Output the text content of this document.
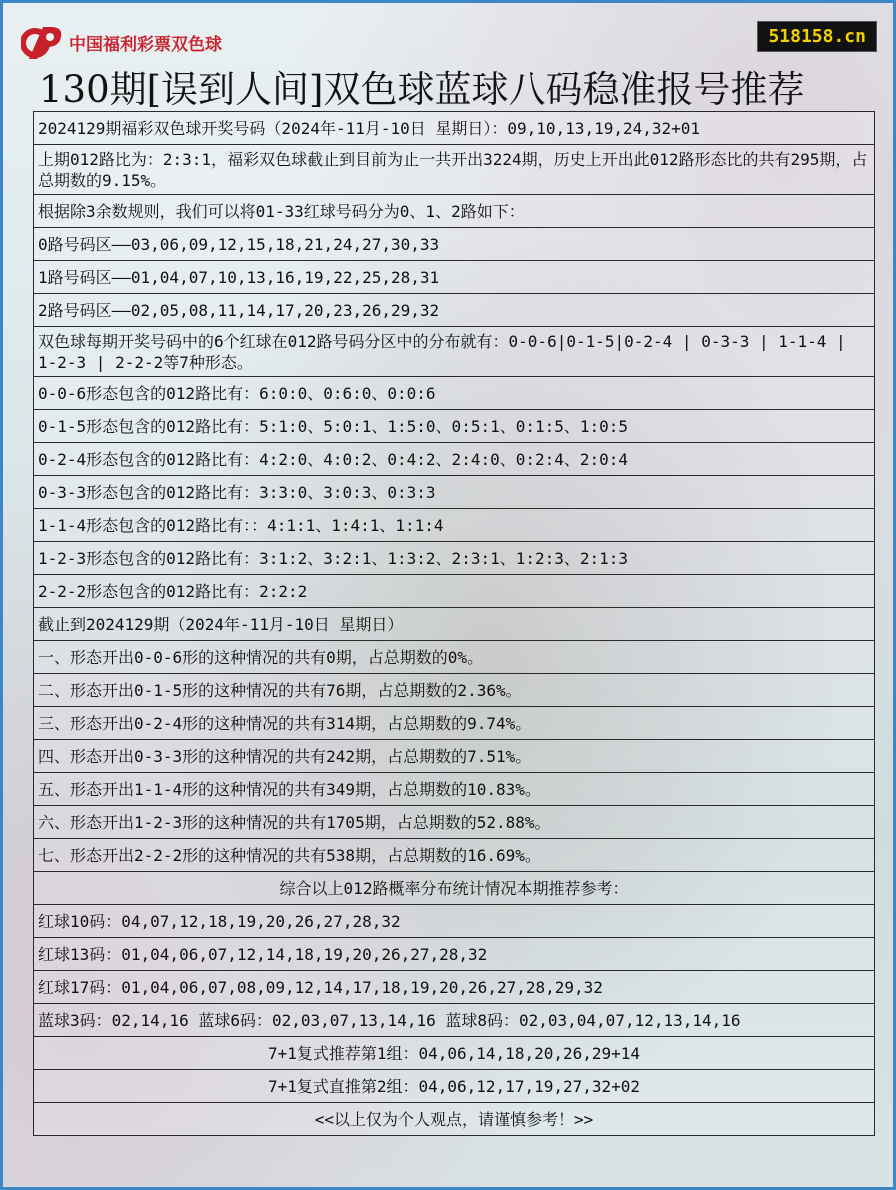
中国福利彩票 双色球	518158.cn
130期[误到人间]双色球蓝球八码稳准报号推荐
2024129期福彩双色球开奖号码（2024年-11月-10日 星期日）：09,10,13,19,24,32+01
上期012路比为：2:3:1，福彩双色球截止到目前为止一共开出3224期，历史上开出此012路形态比的共有295期，占总期数的9.15%。
根据除3余数规则，我们可以将01-33红球号码分为0、1、2路如下：
0路号码区——03,06,09,12,15,18,21,24,27,30,33
1路号码区——01,04,07,10,13,16,19,22,25,28,31
2路号码区——02,05,08,11,14,17,20,23,26,29,32
双色球每期开奖号码中的6个红球在012路号码分区中的分布就有：0-0-6|0-1-5|0-2-4 | 0-3-3 | 1-1-4 | 1-2-3 | 2-2-2等7种形态。
0-0-6形态包含的012路比有：6:0:0、0:6:0、0:0:6
0-1-5形态包含的012路比有：5:1:0、5:0:1、1:5:0、0:5:1、0:1:5、1:0:5
0-2-4形态包含的012路比有：4:2:0、4:0:2、0:4:2、2:4:0、0:2:4、2:0:4
0-3-3形态包含的012路比有：3:3:0、3:0:3、0:3:3
1-1-4形态包含的012路比有：：4:1:1、1:4:1、1:1:4
1-2-3形态包含的012路比有：3:1:2、3:2:1、1:3:2、2:3:1、1:2:3、2:1:3
2-2-2形态包含的012路比有：2:2:2
截止到2024129期（2024年-11月-10日 星期日）
一、形态开出0-0-6形的这种情况的共有0期，占总期数的0%。
二、形态开出0-1-5形的这种情况的共有76期，占总期数的2.36%。
三、形态开出0-2-4形的这种情况的共有314期，占总期数的9.74%。
四、形态开出0-3-3形的这种情况的共有242期，占总期数的7.51%。
五、形态开出1-1-4形的这种情况的共有349期，占总期数的10.83%。
六、形态开出1-2-3形的这种情况的共有1705期，占总期数的52.88%。
七、形态开出2-2-2形的这种情况的共有538期，占总期数的16.69%。
综合以上012路概率分布统计情况本期推荐参考：
红球10码：04,07,12,18,19,20,26,27,28,32
红球13码：01,04,06,07,12,14,18,19,20,26,27,28,32
红球17码：01,04,06,07,08,09,12,14,17,18,19,20,26,27,28,29,32
蓝球3码：02,14,16 蓝球6码：02,03,07,13,14,16 蓝球8码：02,03,04,07,12,13,14,16
7+1复式推荐第1组：04,06,14,18,20,26,29+14
7+1复式直推第2组：04,06,12,17,19,27,32+02
<<以上仅为个人观点，请谨慎参考！>>
